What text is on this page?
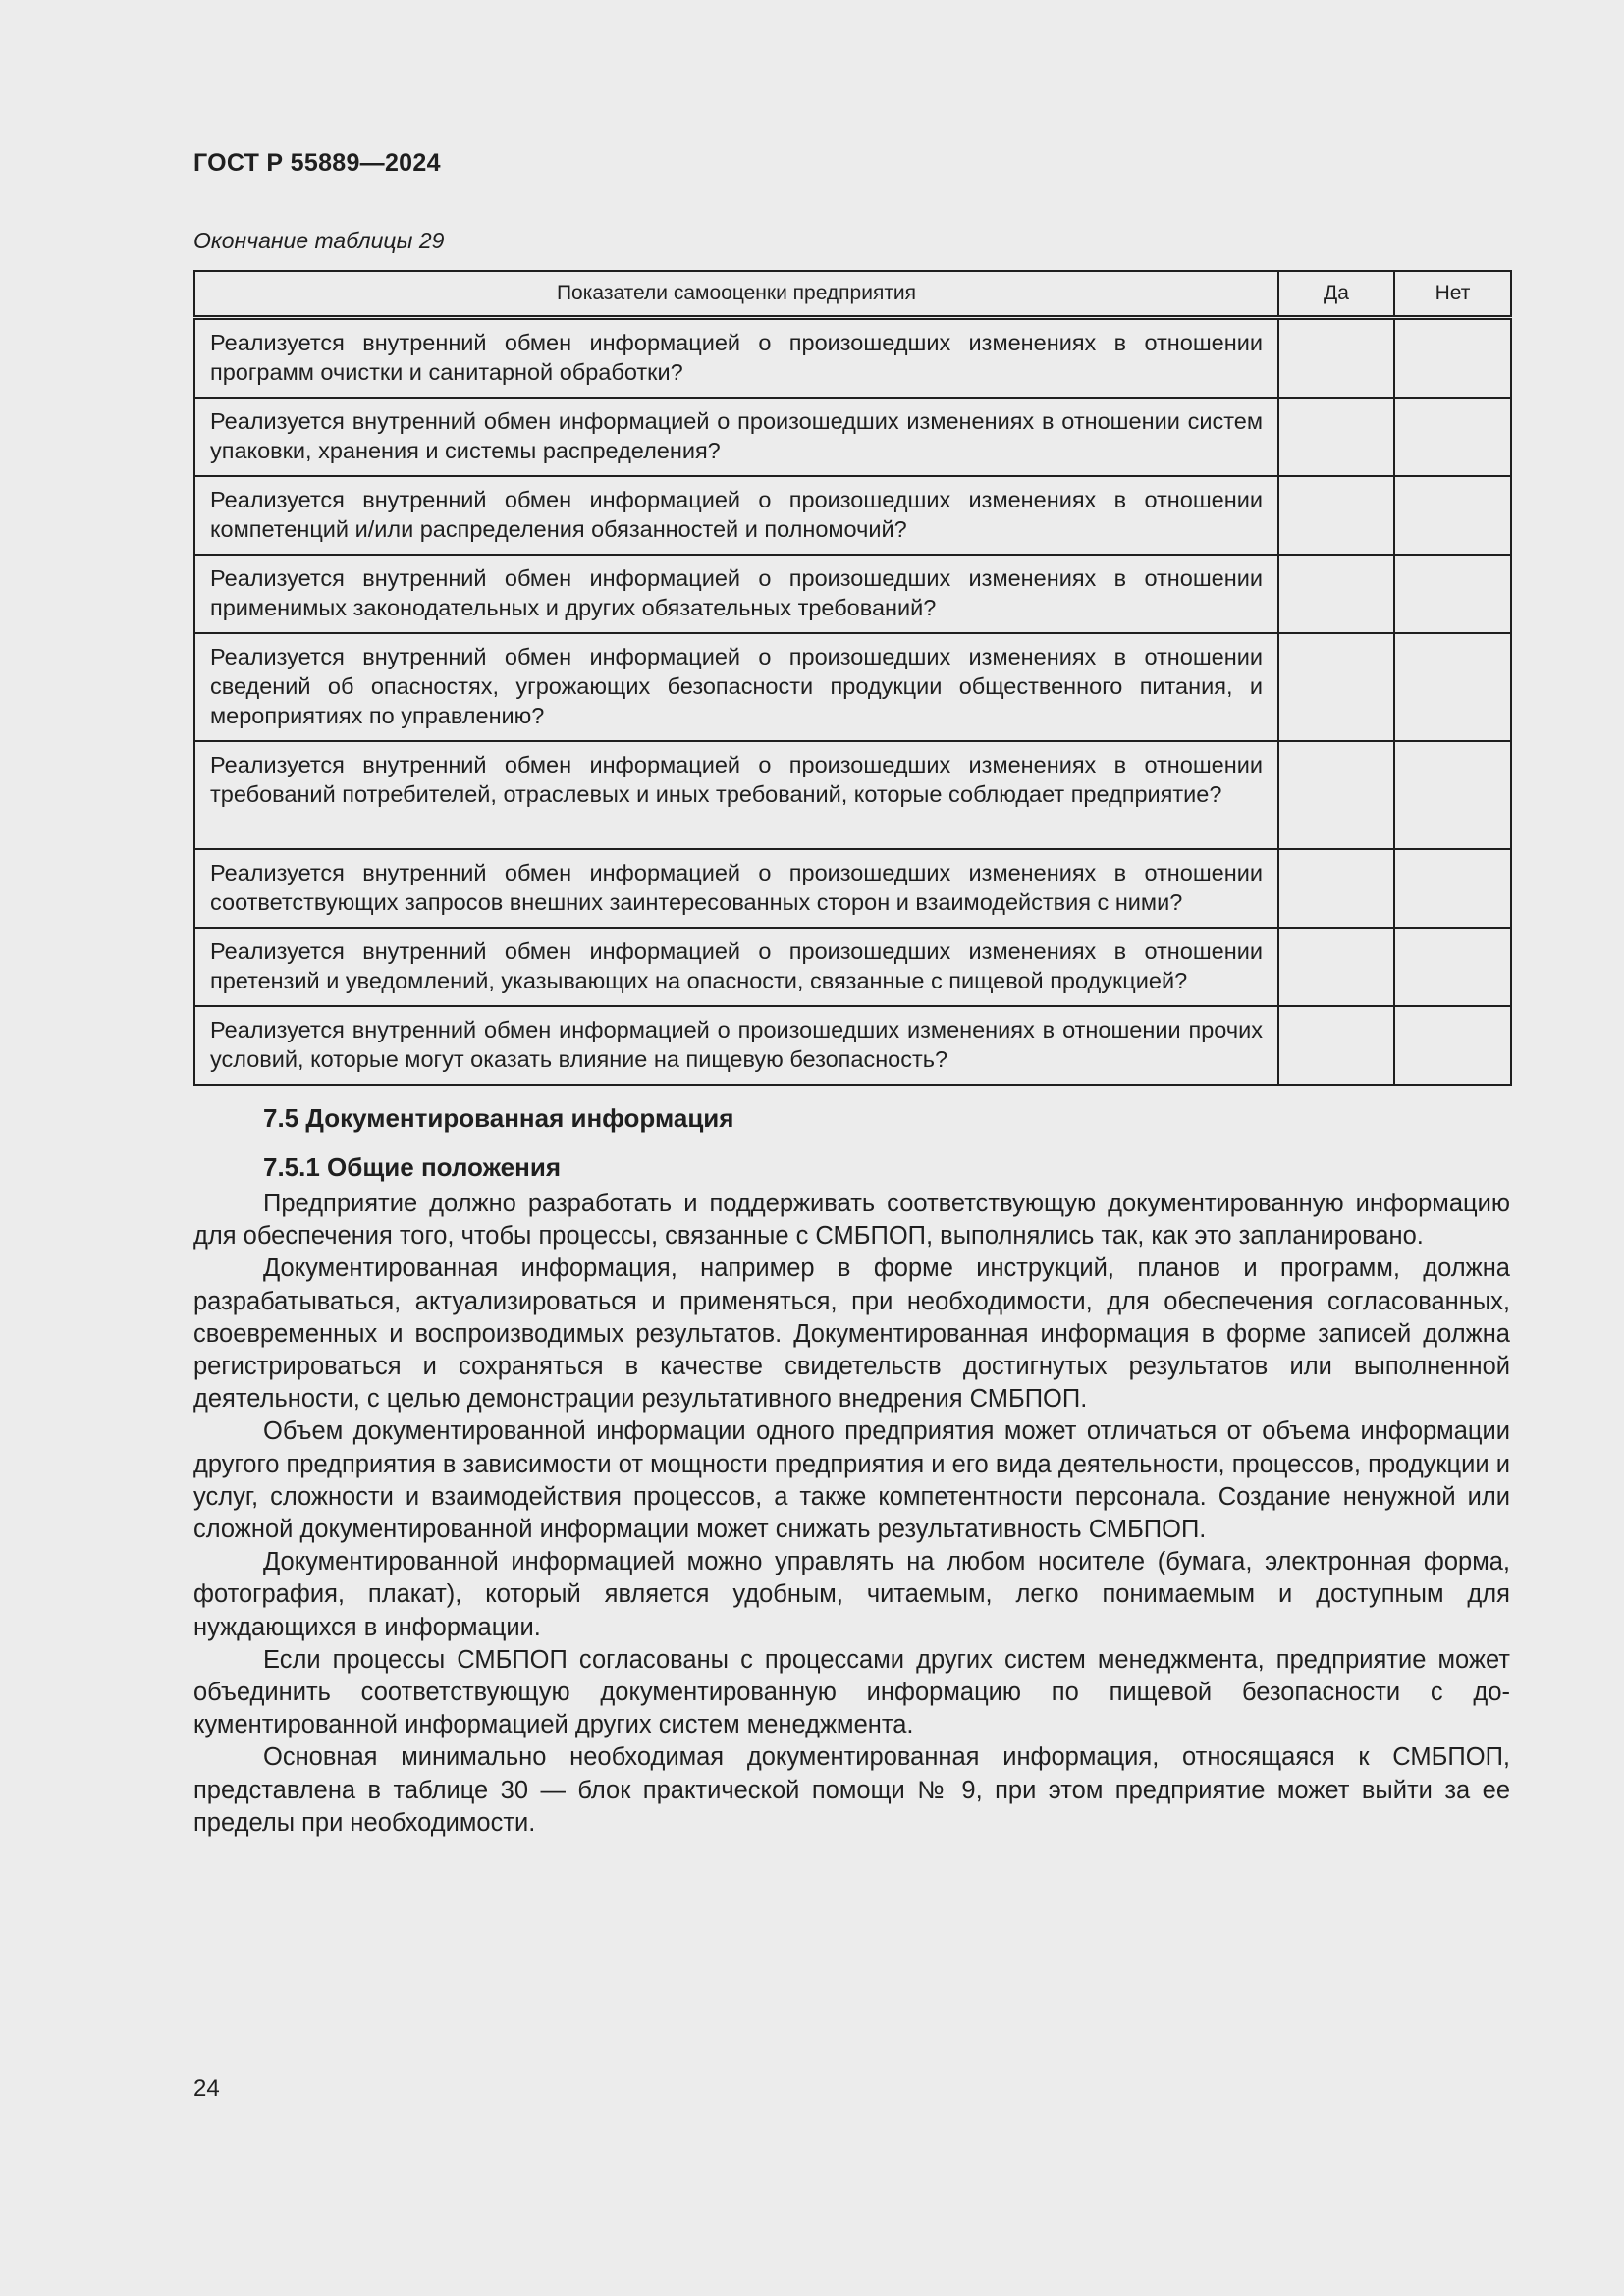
ГОСТ Р 55889—2024
Окончание таблицы 29
Показатели самооценки предприятия	Да	Нет
Реализуется внутренний обмен информацией о произошедших изменениях в отношении программ очистки и санитарной обработки?		
Реализуется внутренний обмен информацией о произошедших изменениях в отношении систем упаковки, хранения и системы распределения?		
Реализуется внутренний обмен информацией о произошедших изменениях в отношении компетенций и/или распределения обязанностей и полномочий?		
Реализуется внутренний обмен информацией о произошедших изменениях в отношении применимых законодательных и других обязательных требований?		
Реализуется внутренний обмен информацией о произошедших изменениях в отношении сведений об опасностях, угрожающих безопасности продукции общественного питания, и мероприятиях по управлению?		
Реализуется внутренний обмен информацией о произошедших изменениях в отношении требований потребителей, отраслевых и иных требований, которые соблюдает предприятие?		
Реализуется внутренний обмен информацией о произошедших изменениях в отношении соответствующих запросов внешних заинтересованных сторон и взаимодействия с ними?		
Реализуется внутренний обмен информацией о произошедших изменениях в отношении претензий и уведомлений, указывающих на опасности, связанные с пищевой продукцией?		
Реализуется внутренний обмен информацией о произошедших изменениях в отношении прочих условий, которые могут оказать влияние на пищевую безопасность?		
7.5 Документированная информация
7.5.1 Общие положения

Предприятие должно разработать и поддерживать соответствующую документированную информацию для обеспечения того, чтобы процессы, связанные с СМБПОП, выполнялись так, как это запланировано.

Документированная информация, например в форме инструкций, планов и программ, должна разрабатываться, актуализироваться и применяться, при необходимости, для обеспечения согласованных, своевременных и воспроизводимых результатов. Документированная информация в форме записей должна регистрироваться и сохраняться в качестве свидетельств достигнутых результатов или выполненной деятельности, с целью демонстрации результативного внедрения СМБПОП.

Объем документированной информации одного предприятия может отличаться от объема информации другого предприятия в зависимости от мощности предприятия и его вида деятельности, процессов, продукции и услуг, сложности и взаимодействия процессов, а также компетентности персонала. Создание ненужной или сложной документированной информации может снижать результативность СМБПОП.

Документированной информацией можно управлять на любом носителе (бумага, электронная форма, фотография, плакат), который является удобным, читаемым, легко понимаемым и доступным для нуждающихся в информации.

Если процессы СМБПОП согласованы с процессами других систем менеджмента, предприятие может объединить соответствующую документированную информацию по пищевой безопасности с документированной информацией других систем менеджмента.

Основная минимально необходимая документированная информация, относящаяся к СМБПОП, представлена в таблице 30 — блок практической помощи № 9, при этом предприятие может выйти за ее пределы при необходимости.

24
